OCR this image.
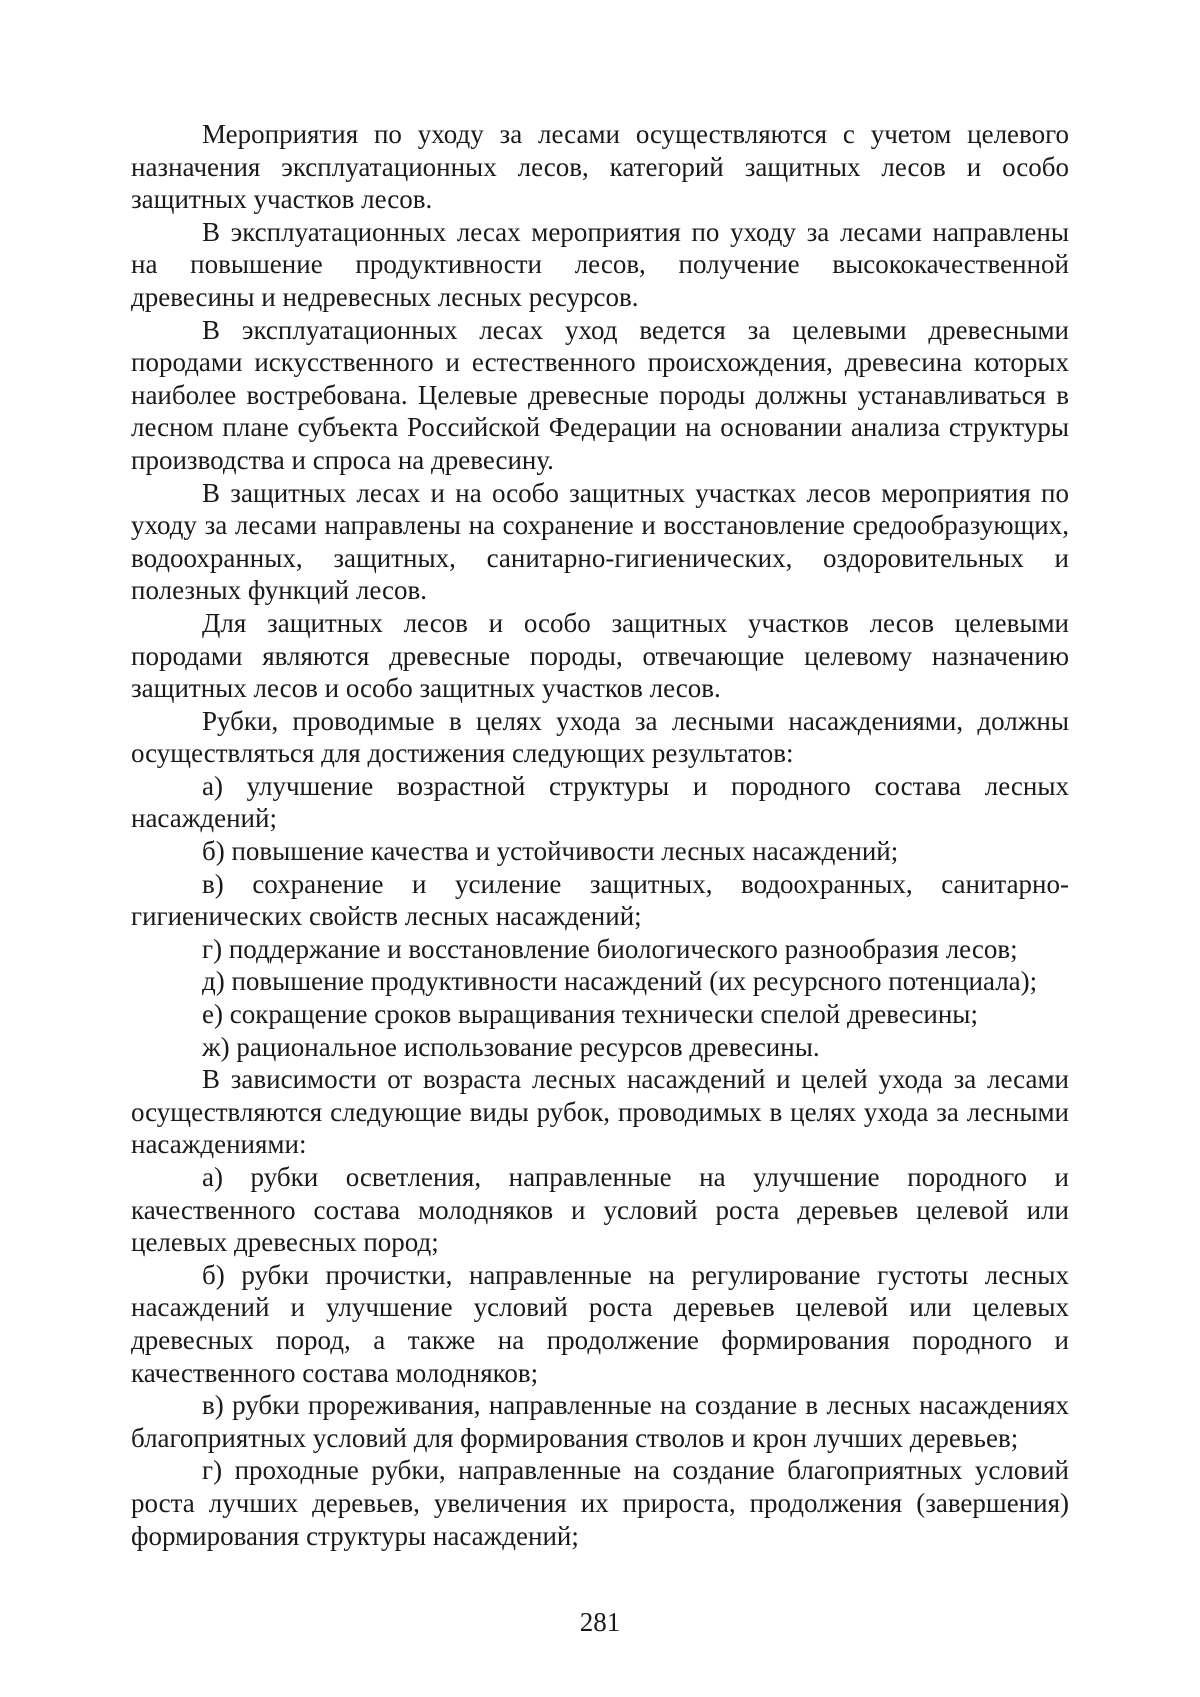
Мероприятия по уходу за лесами осуществляются с учетом целевого назначения эксплуатационных лесов, категорий защитных лесов и особо защитных участков лесов.

В эксплуатационных лесах мероприятия по уходу за лесами направлены на повышение продуктивности лесов, получение высококачественной древесины и недревесных лесных ресурсов.

В эксплуатационных лесах уход ведется за целевыми древесными породами искусственного и естественного происхождения, древесина которых наиболее востребована. Целевые древесные породы должны устанавливаться в лесном плане субъекта Российской Федерации на основании анализа структуры производства и спроса на древесину.

В защитных лесах и на особо защитных участках лесов мероприятия по уходу за лесами направлены на сохранение и восстановление средообразующих, водоохранных, защитных, санитарно-гигиенических, оздоровительных и полезных функций лесов.

Для защитных лесов и особо защитных участков лесов целевыми породами являются древесные породы, отвечающие целевому назначению защитных лесов и особо защитных участков лесов.

Рубки, проводимые в целях ухода за лесными насаждениями, должны осуществляться для достижения следующих результатов:

а) улучшение возрастной структуры и породного состава лесных насаждений;

б) повышение качества и устойчивости лесных насаждений;

в) сохранение и усиление защитных, водоохранных, санитарно-гигиенических свойств лесных насаждений;

г) поддержание и восстановление биологического разнообразия лесов;

д) повышение продуктивности насаждений (их ресурсного потенциала);

е) сокращение сроков выращивания технически спелой древесины;

ж) рациональное использование ресурсов древесины.

В зависимости от возраста лесных насаждений и целей ухода за лесами осуществляются следующие виды рубок, проводимых в целях ухода за лесными насаждениями:

а) рубки осветления, направленные на улучшение породного и качественного состава молодняков и условий роста деревьев целевой или целевых древесных пород;

б) рубки прочистки, направленные на регулирование густоты лесных насаждений и улучшение условий роста деревьев целевой или целевых древесных пород, а также на продолжение формирования породного и качественного состава молодняков;

в) рубки прореживания, направленные на создание в лесных насаждениях благоприятных условий для формирования стволов и крон лучших деревьев;

г) проходные рубки, направленные на создание благоприятных условий роста лучших деревьев, увеличения их прироста, продолжения (завершения) формирования структуры насаждений;

281
